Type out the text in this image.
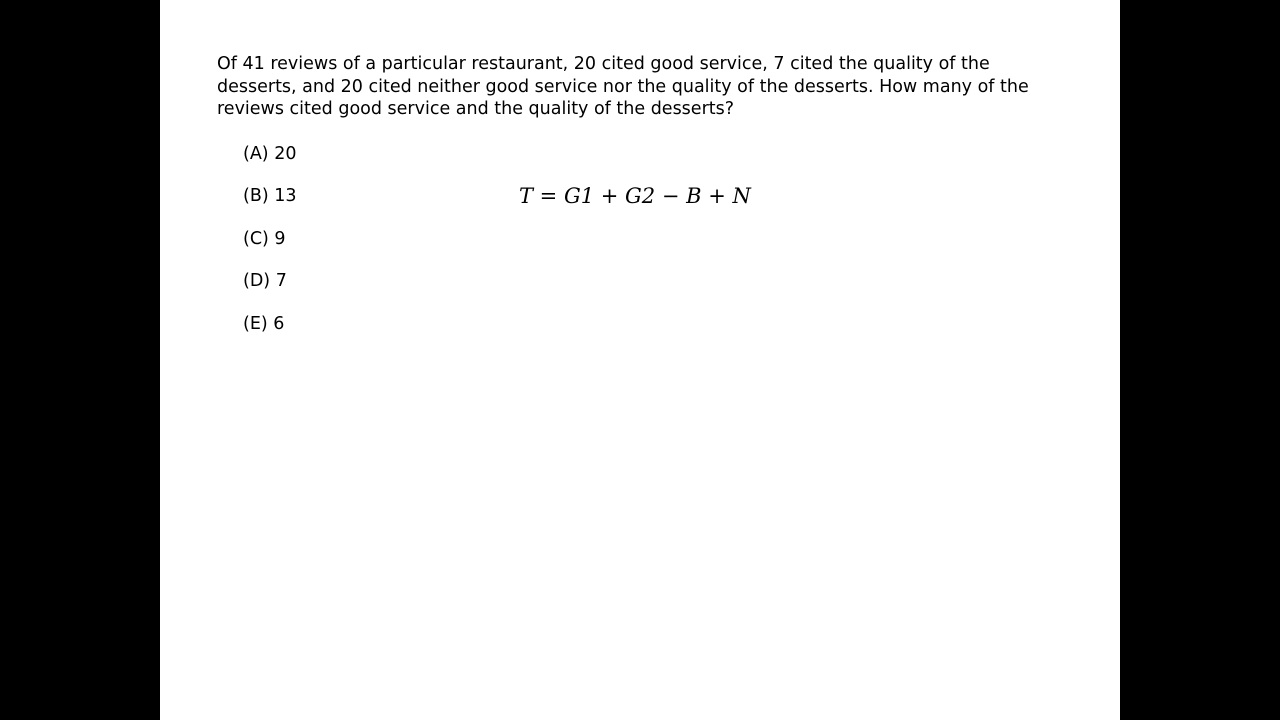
Of 41 reviews of a particular restaurant, 20 cited good service, 7 cited the quality of the desserts, and 20 cited neither good service nor the quality of the desserts. How many of the reviews cited good service and the quality of the desserts?

(A) 20
(B) 13
(C) 9
(D) 7
(E) 6
T = G1 + G2 − B + N
